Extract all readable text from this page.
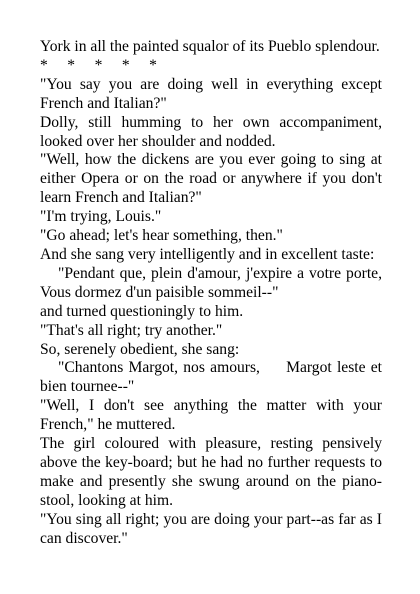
York in all the painted squalor of its Pueblo splendour.

*     *     *     *     *

"You say you are doing well in everything except French and Italian?"

Dolly, still humming to her own accompaniment, looked over her shoulder and nodded.

"Well, how the dickens are you ever going to sing at either Opera or on the road or anywhere if you don't learn French and Italian?"

"I'm trying, Louis."

"Go ahead; let's hear something, then."

And she sang very intelligently and in excellent taste:

"Pendant que, plein d'amour, j'expire a votre porte, Vous dormez d'un paisible sommeil--"

and turned questioningly to him.

"That's all right; try another."

So, serenely obedient, she sang:

"Chantons Margot, nos amours,     Margot leste et bien tournee--"

"Well, I don't see anything the matter with your French," he muttered.

The girl coloured with pleasure, resting pensively above the key-board; but he had no further requests to make and presently she swung around on the piano-stool, looking at him.

"You sing all right; you are doing your part--as far as I can discover."
